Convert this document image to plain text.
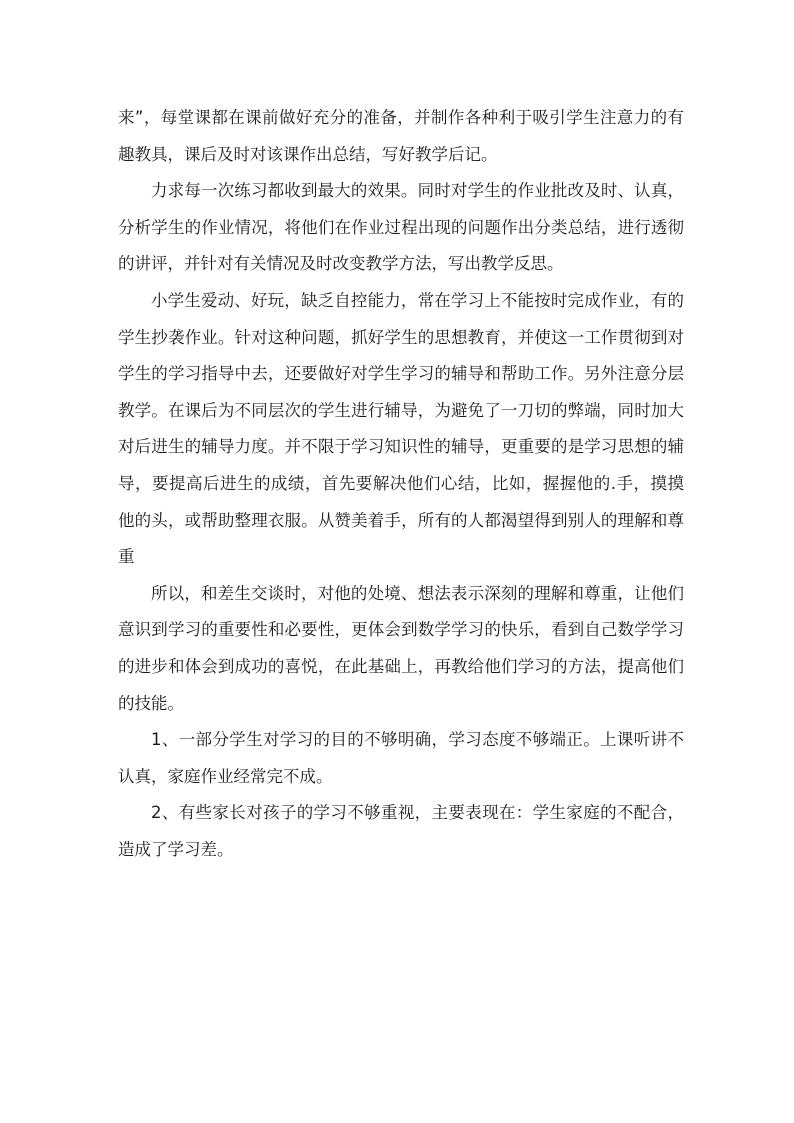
来”，每堂课都在课前做好充分的准备，并制作各种利于吸引学生注意力的有趣教具，课后及时对该课作出总结，写好教学后记。

力求每一次练习都收到最大的效果。同时对学生的作业批改及时、认真，分析学生的作业情况，将他们在作业过程出现的问题作出分类总结，进行透彻的讲评，并针对有关情况及时改变教学方法，写出教学反思。

小学生爱动、好玩，缺乏自控能力，常在学习上不能按时完成作业，有的学生抄袭作业。针对这种问题，抓好学生的思想教育，并使这一工作贯彻到对学生的学习指导中去，还要做好对学生学习的辅导和帮助工作。另外注意分层教学。在课后为不同层次的学生进行辅导，为避免了一刀切的弊端，同时加大对后进生的辅导力度。并不限于学习知识性的辅导，更重要的是学习思想的辅导，要提高后进生的成绩，首先要解决他们心结，比如，握握他的.手，摸摸他的头，或帮助整理衣服。从赞美着手，所有的人都渴望得到别人的理解和尊重

所以，和差生交谈时，对他的处境、想法表示深刻的理解和尊重，让他们意识到学习的重要性和必要性，更体会到数学学习的快乐，看到自己数学学习的进步和体会到成功的喜悦，在此基础上，再教给他们学习的方法，提高他们的技能。

1、一部分学生对学习的目的不够明确，学习态度不够端正。上课听讲不认真，家庭作业经常完不成。

2、有些家长对孩子的学习不够重视，主要表现在：学生家庭的不配合，造成了学习差。
